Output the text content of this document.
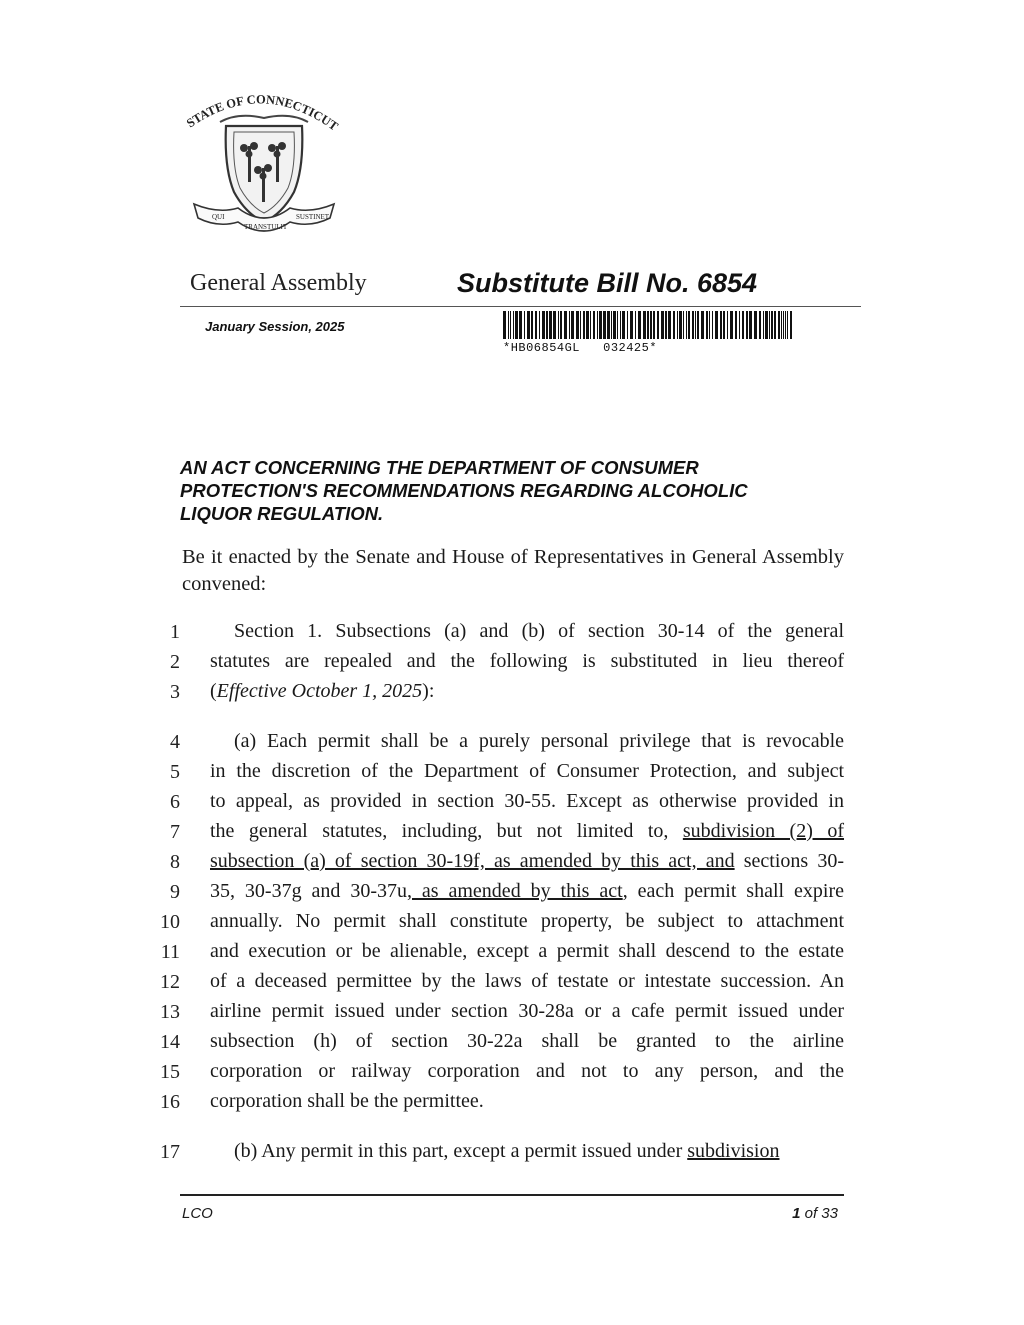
STATE OF CONNECTICUT
QUI
TRANSTULIT
SUSTINET
General Assembly	Substitute Bill No. 6854
January Session, 2025
*HB06854GL   032425*
AN ACT CONCERNING THE DEPARTMENT OF CONSUMER
PROTECTION'S RECOMMENDATIONS REGARDING ALCOHOLIC
LIQUOR REGULATION.
Be it enacted by the Senate and House of Representatives in General Assembly convened:
1	Section 1. Subsections (a) and (b) of section 30-14 of the general
2 statutes are repealed and the following is substituted in lieu thereof
3 (Effective October 1, 2025):
4	(a) Each permit shall be a purely personal privilege that is revocable
5 in the discretion of the Department of Consumer Protection, and subject
6 to appeal, as provided in section 30-55. Except as otherwise provided in
7 the general statutes, including, but not limited to, subdivision (2) of
8 subsection (a) of section 30-19f, as amended by this act, and sections 30-
9 35, 30-37g and 30-37u, as amended by this act, each permit shall expire
10 annually. No permit shall constitute property, be subject to attachment
11 and execution or be alienable, except a permit shall descend to the estate
12 of a deceased permittee by the laws of testate or intestate succession. An
13 airline permit issued under section 30-28a or a cafe permit issued under
14 subsection (h) of section 30-22a shall be granted to the airline
15 corporation or railway corporation and not to any person, and the
16 corporation shall be the permittee.
17	(b) Any permit in this part, except a permit issued under subdivision
LCO	1 of 33
